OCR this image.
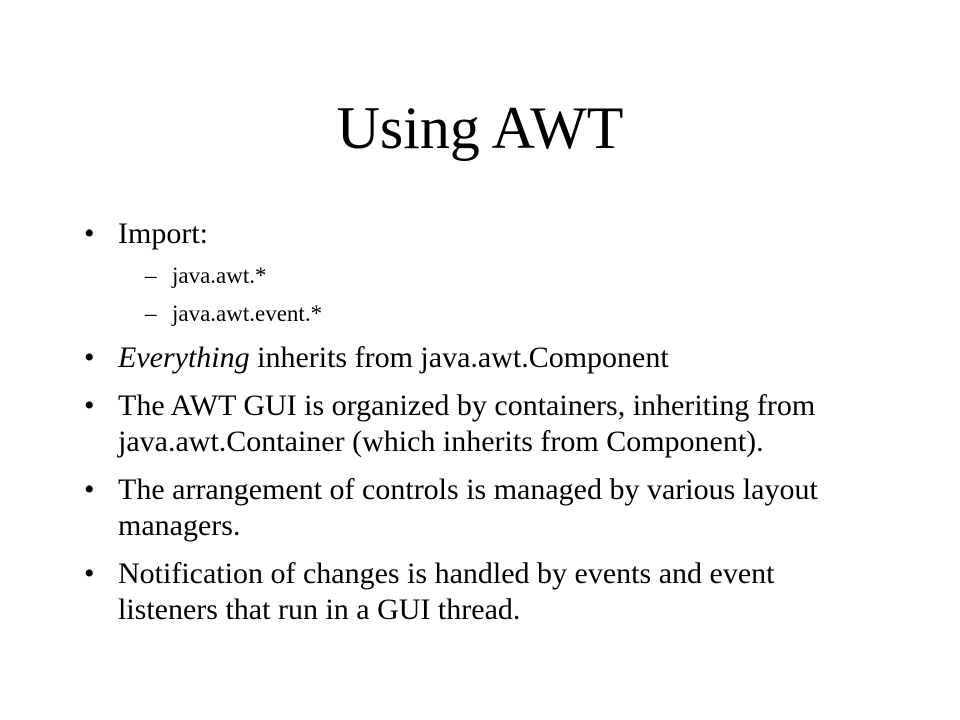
Using AWT
• Import:
– java.awt.*
– java.awt.event.*
• Everything inherits from java.awt.Component
• The AWT GUI is organized by containers, inheriting from java.awt.Container (which inherits from Component).
• The arrangement of controls is managed by various layout managers.
• Notification of changes is handled by events and event listeners that run in a GUI thread.
